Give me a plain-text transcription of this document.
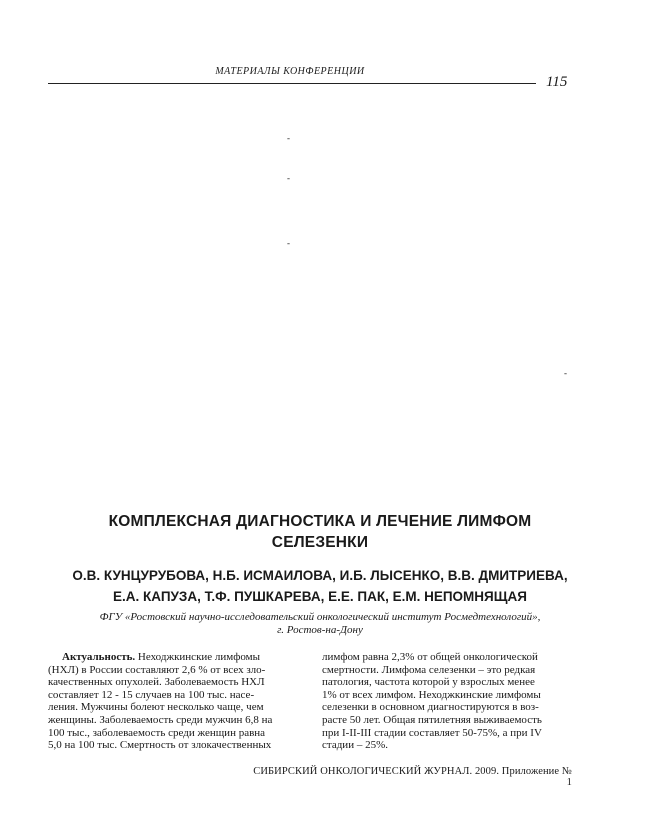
МАТЕРИАЛЫ КОНФЕРЕНЦИИ
115
-
-
-
-
КОМПЛЕКСНАЯ ДИАГНОСТИКА И ЛЕЧЕНИЕ ЛИМФОМ
СЕЛЕЗЕНКИ
О.В. КУНЦУРУБОВА, Н.Б. ИСМАИЛОВА, И.Б. ЛЫСЕНКО, В.В. ДМИТРИЕВА,
Е.А. КАПУЗА, Т.Ф. ПУШКАРЕВА, Е.Е. ПАК, Е.М. НЕПОМНЯЩАЯ
ФГУ «Ростовский научно-исследовательский онкологический институт Росмедтехнологий»,
г. Ростов-на-Дону
Актуальность. Неходжкинские лимфомы
(НХЛ) в России составляют 2,6 % от всех зло-
качественных опухолей. Заболеваемость НХЛ
составляет 12 - 15 случаев на 100 тыс. насе-
ления. Мужчины болеют несколько чаще, чем
женщины. Заболеваемость среди мужчин 6,8 на
100 тыс., заболеваемость среди женщин равна
5,0 на 100 тыс. Смертность от злокачественных
лимфом равна 2,3% от общей онкологической
смертности. Лимфома селезенки – это редкая
патология, частота которой у взрослых менее
1% от всех лимфом. Неходжкинские лимфомы
селезенки в основном диагностируются в воз-
расте 50 лет. Общая пятилетняя выживаемость
при I-II-III стадии составляет 50-75%, а при IV
стадии – 25%.
СИБИРСКИЙ ОНКОЛОГИЧЕСКИЙ ЖУРНАЛ. 2009. Приложение № 1
